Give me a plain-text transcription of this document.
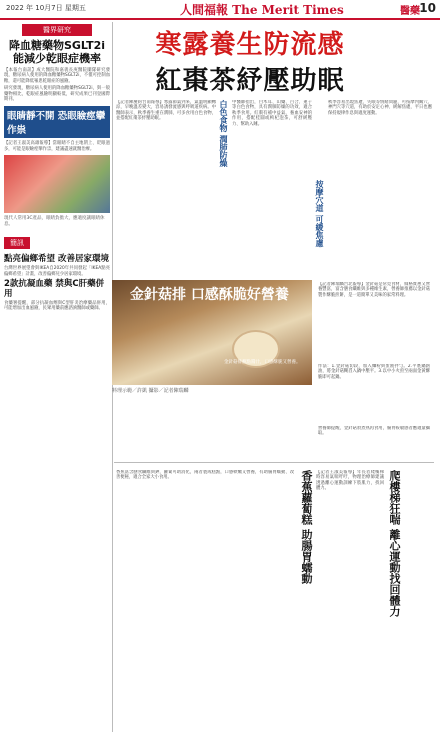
2022 年 10月7日 星期五	人間福報 The Merit Times	醫藥 10
醫界研究
降血糖藥物SGLT2i 能減少乾眼症機率

【本報台南訊】成大醫院和嘉義長庚醫院團隊研究發現，糖尿病人使用的降血糖藥物SGLT2i，不僅可控制血糖，還可能降低罹患乾眼症的風險。

研究發現，糖尿病人使用的降血糖藥物SGLT2i，與一般藥物相比，乾眼症風險明顯較低，研究成果已刊登國際期刊。

眼睛靜不開 恐眼瞼痙攣作祟

【記者王淑美高雄報導】當眼睛不自主地閉上、眨眼過多，可能是眼瞼痙攣作祟，建議盡速就醫治療。

現代人常用3C產品，眼睛負擔大，應適度讓眼睛休息。
簡訊
點亮偏鄉希望 改善居家環境

台灣世界展望會與IKEA自2020年共同發起「IKEA點亮偏鄉希望」計畫，改善偏鄉兒少居家環境。

2款抗凝血藥 禁與C肝藥併用

食藥署提醒，部分抗凝血劑與C型肝炎治療藥品併用，可能增加出血風險，民眾用藥前應諮詢醫師或藥師。

寒露養生防流感
紅棗茶紓壓助眠
【記者陳慶鈞台南報導】寒露節氣到來，氣溫明顯轉涼，早晚溫差變大，容易誘發流感與呼吸道疾病。中醫師表示，秋季養生重在潤肺，可多食用白色食物，並搭配紅棗茶紓壓助眠。	白色食物 潤肺防燥 中醫師指出，白木耳、山藥、百合、蓮子等白色食物，具有潤肺防燥的功效，適合秋季食用。紅棗有補中益氣、養血安神的作用，搭配桂圓或枸杞泡茶，可舒緩壓力、幫助入睡。
按摩穴道 可緩焦慮
秋季容易出現焦慮、失眠等情緒問題，可按摩內關穴、神門穴等穴道，有助於安定心神、緩解焦慮，平日也應保持規律作息與適度運動。
金針菇排 口感酥脆好營養
金針菇排蘸點醬汁，口感酥脆又營養。
料理示範／許凱 攝影／記者陳瑞麟
【記者陳瑞麟台北報導】金針菇是常見食材，價格實惠又營養豐富，富含膳食纖維與多種維生素，營養師推薦以金針菇製作酥脆煎餅，是一道簡單又美味的家常料理。
作法：1.金針菇切段，加入麵粉與蛋液拌勻。2.平底鍋熱油，將金針菇糊舀入鍋中壓平。3.以中小火煎至兩面金黃酥脆即可起鍋。
營養師提醒，金針菇須煮熟再食用，腸胃較敏感者應適量攝取。
香蕉蘿蔔糕 助腸胃蠕動
香蕉富含膳食纖維與鉀，蘿蔔可助消化，兩者製成糕點，口感軟嫩又營養，有助腸胃蠕動、改善便秘，適合全家大小食用。	爬樓梯狂喘 離心運動找回體力
【記者王淑美報導】年長者爬樓梯時容易氣喘吁吁，物理治療師建議透過離心運動訓練下肢肌力，找回體力。
